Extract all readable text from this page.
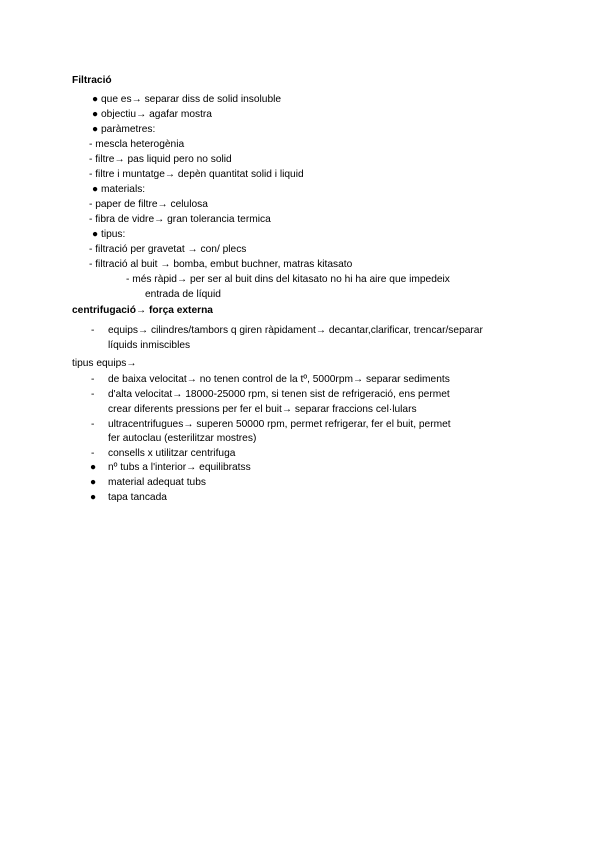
Filtració
● que es→ separar diss de solid insoluble
● objectiu→ agafar mostra
● paràmetres:
- mescla heterogènia
- filtre→ pas liquid pero no solid
- filtre i muntatge→ depèn quantitat solid i liquid
● materials:
- paper de filtre→ celulosa
- fibra de vidre→ gran tolerancia termica
● tipus:
- filtració per gravetat → con/ plecs
- filtració al buit → bomba, embut buchner, matras kitasato
- més ràpid→ per ser al buit dins del kitasato no hi ha aire que impedeix
entrada de líquid
centrifugació→ força externa
- equips→ cilindres/tambors q giren ràpidament→ decantar,clarificar, trencar/separar
líquids inmiscibles
tipus equips→
- de baixa velocitat→ no tenen control de la tº, 5000rpm→ separar sediments
- d'alta velocitat→ 18000-25000 rpm, si tenen sist de refrigeració, ens permet
crear diferents pressions per fer el buit→ separar fraccions cel·lulars
- ultracentrifugues→ superen 50000 rpm, permet refrigerar, fer el buit, permet
fer autoclau (esterilitzar mostres)
- consells x utilitzar centrifuga
● nº tubs a l'interior→ equilibratss
● material adequat tubs
● tapa tancada
